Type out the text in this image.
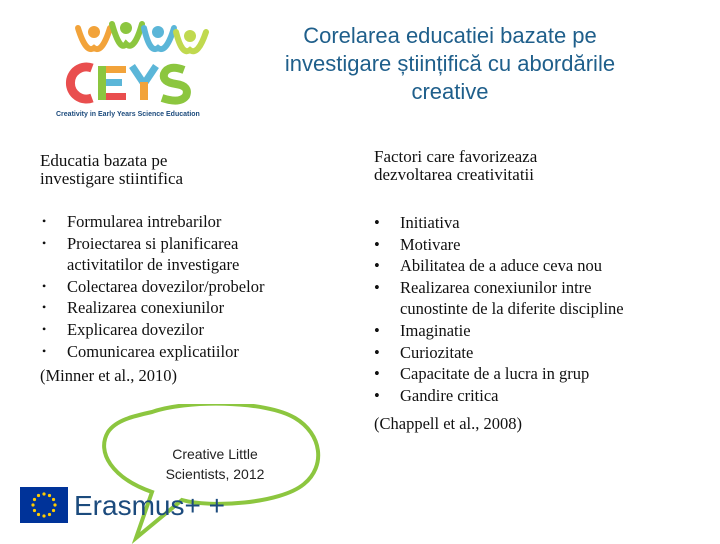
Creativity in Early Years Science Education
Corelarea educatiei bazate pe
investigare științifică cu abordările
creative
Educatia bazata pe
investigare stiintifica
• Formularea intrebarilor
• Proiectarea si planificarea
activitatilor de investigare
• Colectarea dovezilor/probelor
• Realizarea conexiunilor
• Explicarea dovezilor
• Comunicarea explicatiilor
(Minner et al., 2010)
Factori care favorizeaza
dezvoltarea creativitatii
• Initiativa
• Motivare
• Abilitatea de a aduce ceva nou
• Realizarea conexiunilor intre
cunostinte de la diferite discipline
• Imaginatie
• Curiozitate
• Capacitate de a lucra in grup
• Gandire critica
(Chappell et al., 2008)
Creative Little
Scientists, 2012
Erasmus+ +
